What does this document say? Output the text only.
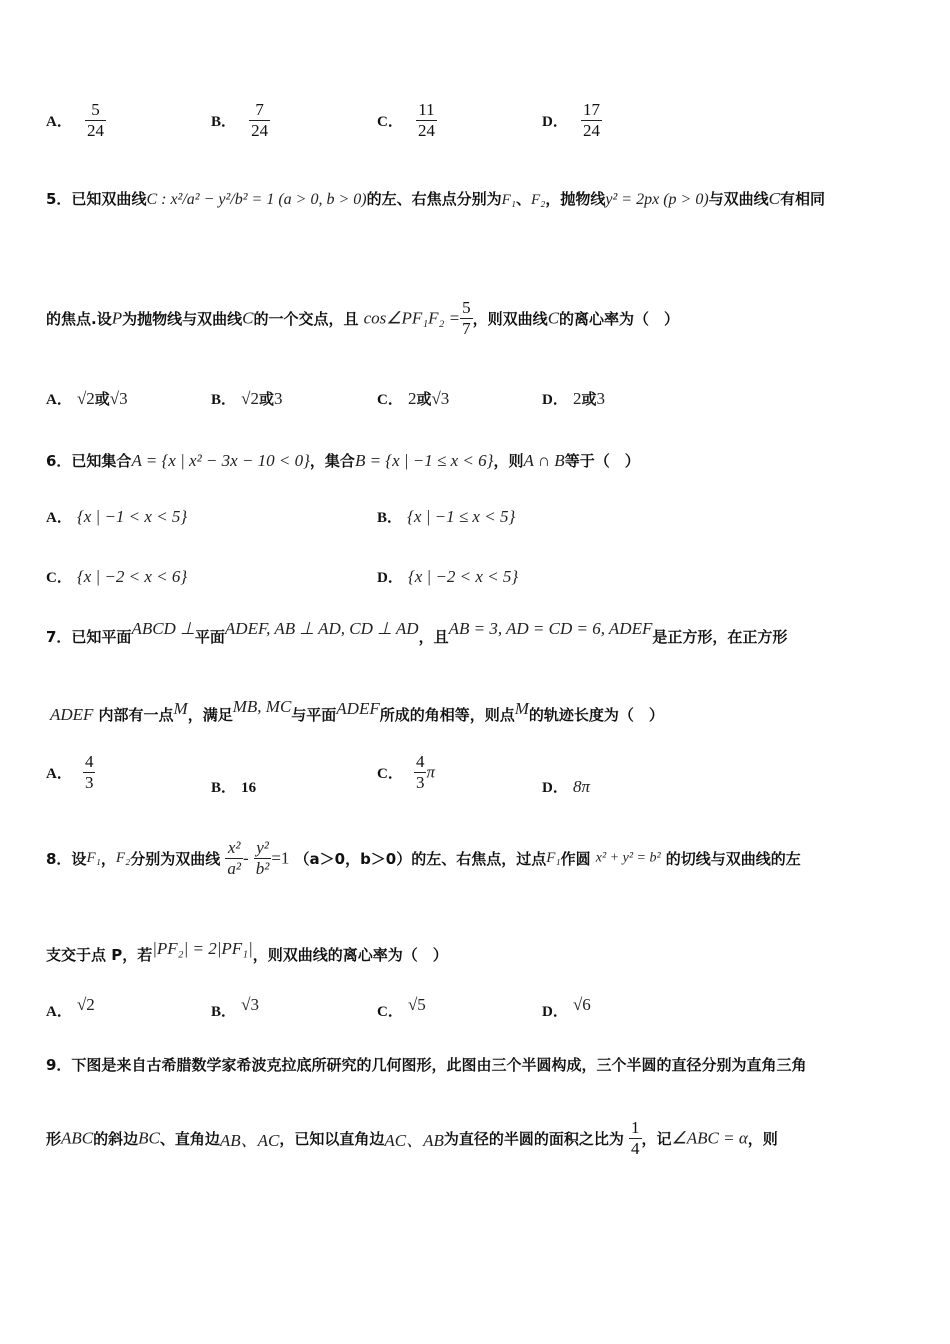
A． $\frac{5}{24}$	B． $\frac{7}{24}$	C． $\frac{11}{24}$	D． $\frac{17}{24}$
5．已知双曲线C : x²/a² − y²/b² = 1 (a > 0, b > 0)的左、右焦点分别为F₁、F₂，抛物线y² = 2px (p > 0)与双曲线C有相同
的焦点.设P为抛物线与双曲线C的一个交点，且 cos∠PF₁F₂ = $\frac{5}{7}$ ，则双曲线C的离心率为（　）
A． √2或√3	B． √2或3	C． 2或√3	D． 2或3
6．已知集合A = {x | x² − 3x − 10 < 0}，集合B = {x | −1 ≤ x < 6}，则A ∩ B等于（　）
A． {x | −1 < x < 5}	B． {x | −1 ≤ x < 5}
C． {x | −2 < x < 6}	D． {x | −2 < x < 5}
7．已知平面ABCD ⊥平面ADEF, AB ⊥ AD, CD ⊥ AD，且AB = 3, AD = CD = 6, ADEF是正方形，在正方形
ADEF 内部有一点M，满足MB, MC与平面ADEF所成的角相等，则点M的轨迹长度为（　）
A． $\frac{4}{3}$	B． 16
C． $\frac{4}{3}$ π
D． 8π
8．设F₁，F₂分别为双曲线 $\frac{\text{x²}}{\text{a²}} - \frac{\text{y²}}{\text{b²}} =1$ （a＞0，b＞0）的左、右焦点，过点F₁作圆 x² + y² = b² 的切线与双曲线的左
支交于点 P，若|PF₂| = 2|PF₁|，则双曲线的离心率为（　）
A． √2	B． √3	C． √5	D． √6
9．下图是来自古希腊数学家希波克拉底所研究的几何图形，此图由三个半圆构成，三个半圆的直径分别为直角三角
形ABC的斜边BC、直角边AB、AC，已知以直角边AC、AB为直径的半圆的面积之比为 $\frac{1}{4}$ ，记∠ABC = α，则
